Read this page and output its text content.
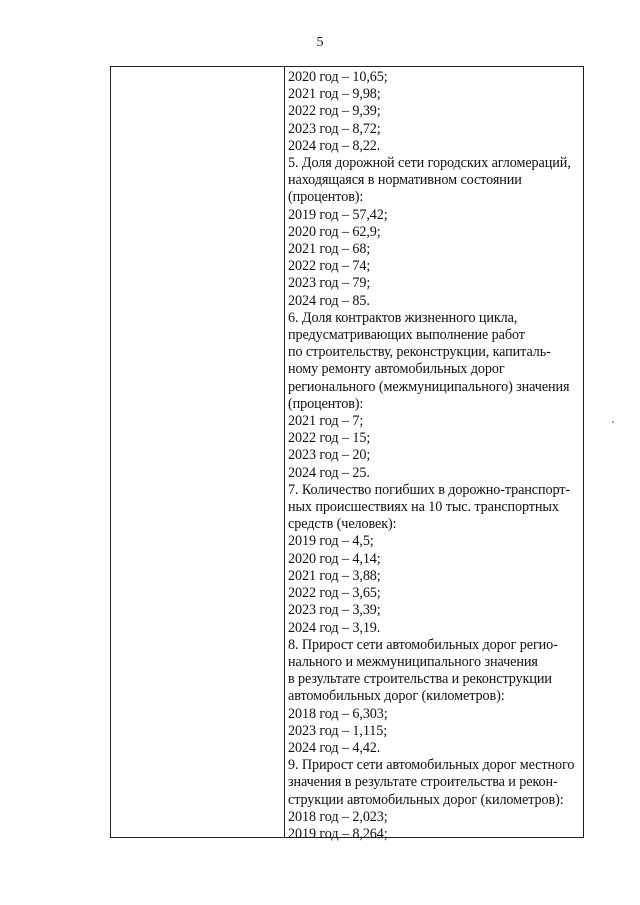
5
2020 год – 10,65;
2021 год – 9,98;
2022 год – 9,39;
2023 год – 8,72;
2024 год – 8,22.
5. Доля дорожной сети городских агломераций,
находящаяся в нормативном состоянии
(процентов):
2019 год – 57,42;
2020 год – 62,9;
2021 год – 68;
2022 год – 74;
2023 год – 79;
2024 год – 85.
6. Доля контрактов жизненного цикла,
предусматривающих выполнение работ
по строительству, реконструкции, капиталь-
ному ремонту автомобильных дорог
регионального (межмуниципального) значения
(процентов):
2021 год – 7;
2022 год – 15;
2023 год – 20;
2024 год – 25.
7. Количество погибших в дорожно-транспорт-
ных происшествиях на 10 тыс. транспортных
средств (человек):
2019 год – 4,5;
2020 год – 4,14;
2021 год – 3,88;
2022 год – 3,65;
2023 год – 3,39;
2024 год – 3,19.
8. Прирост сети автомобильных дорог регио-
нального и межмуниципального значения
в результате строительства и реконструкции
автомобильных дорог (километров):
2018 год – 6,303;
2023 год – 1,115;
2024 год – 4,42.
9. Прирост сети автомобильных дорог местного
значения в результате строительства и рекон-
струкции автомобильных дорог (километров):
2018 год – 2,023;
2019 год – 8,264;
